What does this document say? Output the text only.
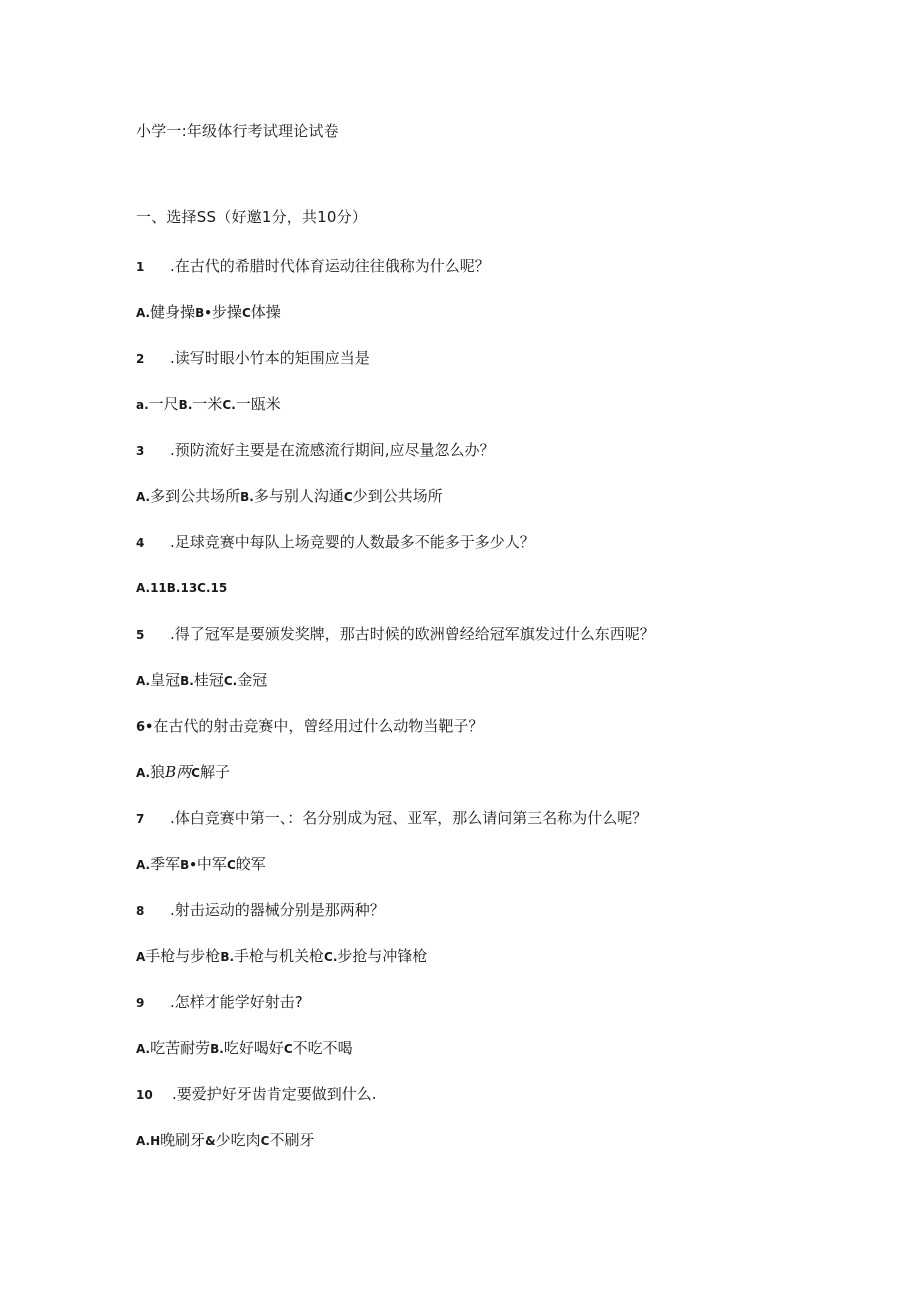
小学一:年级体行考试理论试卷
一、选择SS（好邀1分，共10分）
1 .在古代的希腊时代体育运动往往俄称为什么呢？
A.健身操B•步操C体操
2 .读写时眼小竹本的矩围应当是
a.一尺B.一米C.一瓯米
3 .预防流好主要是在流感流行期间,应尽量忽么办？
A.多到公共场所B.多与别人沟通C少到公共场所
4 .足球竞赛中每队上场竞婴的人数最多不能多于多少人？
A.11B.13C.15
5 .得了冠军是要颁发奖牌，那古时候的欧洲曾经给冠军旗发过什么东西呢？
A.皇冠B.桂冠C.金冠
6•在古代的射击竞赛中，曾经用过什么动物当靶子？
A.狼B两C解子
7 .体白竞赛中第一、：名分别成为冠、亚军，那么请问第三名称为什么呢？
A.季军B•中军C皎军
8 .射击运动的器械分别是那两种？
A手枪与步枪B.手枪与机关枪C.步抢与冲锋枪
9 .怎样才能学好射击?
A.吃苦耐劳B.吃好喝好C不吃不喝
10 .要爱护好牙齿肯定要做到什么.
A.H晚刷牙&少吃肉C不刷牙
